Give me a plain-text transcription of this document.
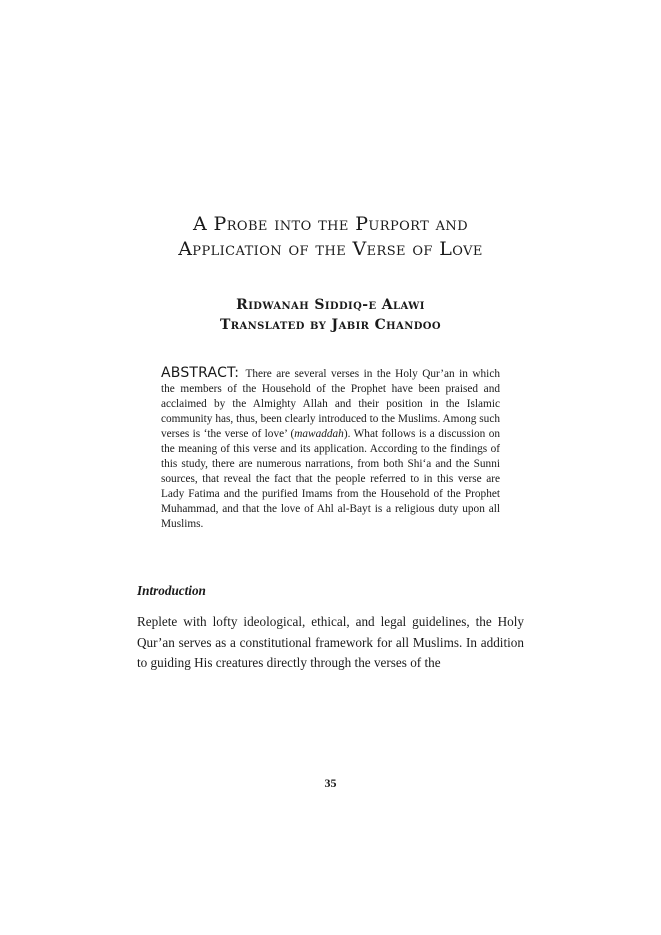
A Probe into the Purport and
Application of the Verse of Love
Ridwanah Siddiq-e Alawi
Translated by Jabir Chandoo
ABSTRACT: There are several verses in the Holy Qur’an in which the members of the Household of the Prophet have been praised and acclaimed by the Almighty Allah and their position in the Islamic community has, thus, been clearly introduced to the Muslims. Among such verses is ‘the verse of love’ (mawaddah). What follows is a discussion on the meaning of this verse and its application. According to the findings of this study, there are numerous narrations, from both Shi‘a and the Sunni sources, that reveal the fact that the people referred to in this verse are Lady Fatima and the purified Imams from the Household of the Prophet Muhammad, and that the love of Ahl al-Bayt is a religious duty upon all Muslims.
Introduction
Replete with lofty ideological, ethical, and legal guidelines, the Holy Qur’an serves as a constitutional framework for all Muslims. In addition to guiding His creatures directly through the verses of the
35
